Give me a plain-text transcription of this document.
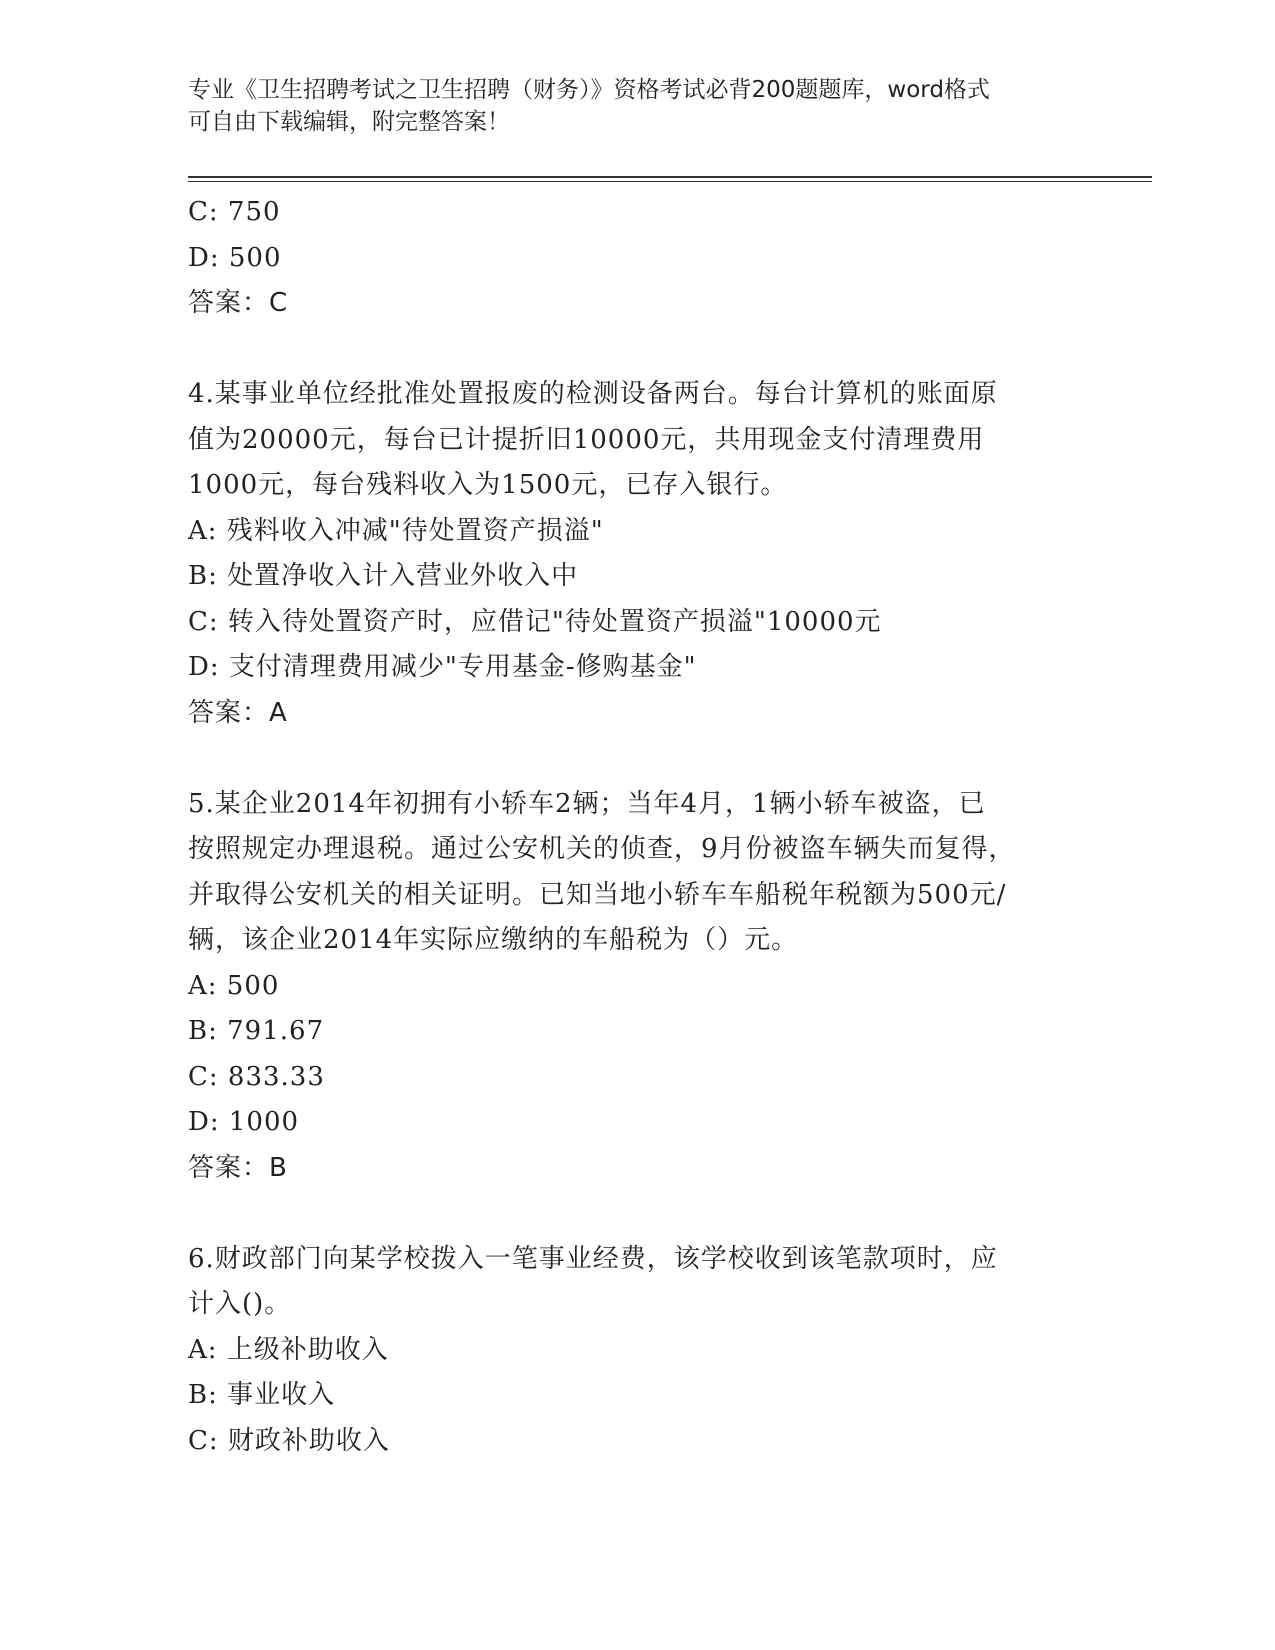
专业《卫生招聘考试之卫生招聘（财务）》资格考试必背200题题库，word格式
可自由下载编辑，附完整答案！
C: 750
D: 500
答案：C
4.某事业单位经批准处置报废的检测设备两台。每台计算机的账面原
值为20000元，每台已计提折旧10000元，共用现金支付清理费用
1000元，每台残料收入为1500元，已存入银行。
A: 残料收入冲减"待处置资产损溢"
B: 处置净收入计入营业外收入中
C: 转入待处置资产时，应借记"待处置资产损溢"10000元
D: 支付清理费用减少"专用基金-修购基金"
答案：A
5.某企业2014年初拥有小轿车2辆；当年4月，1辆小轿车被盗，已
按照规定办理退税。通过公安机关的侦查，9月份被盗车辆失而复得，
并取得公安机关的相关证明。已知当地小轿车车船税年税额为500元/
辆，该企业2014年实际应缴纳的车船税为（）元。
A: 500
B: 791.67
C: 833.33
D: 1000
答案：B
6.财政部门向某学校拨入一笔事业经费，该学校收到该笔款项时，应
计入()。
A: 上级补助收入
B: 事业收入
C: 财政补助收入
